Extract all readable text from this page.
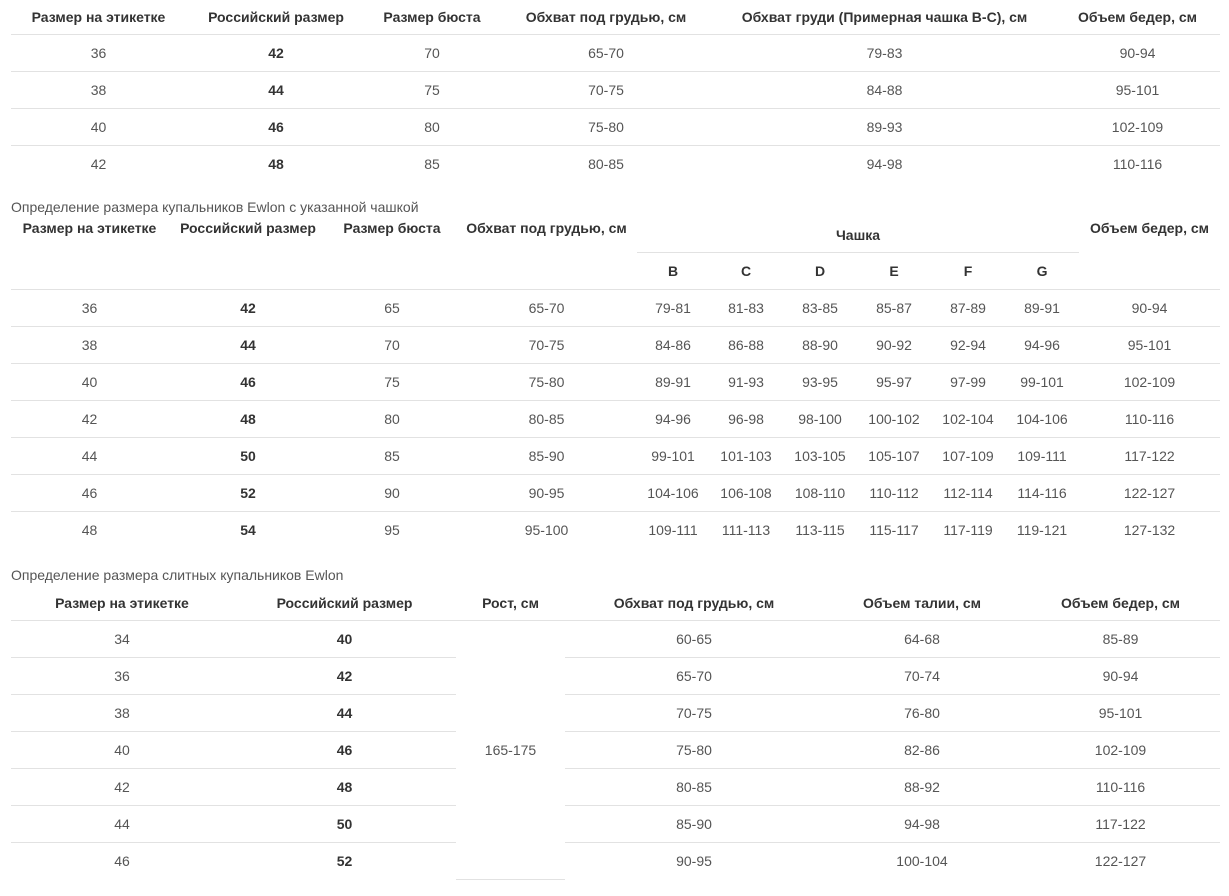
Размер на этикетке	Российский размер	Размер бюста	Обхват под грудью, см	Обхват груди (Примерная чашка B-C), см	Объем бедер, см
36	42	70	65-70	79-83	90-94
38	44	75	70-75	84-88	95-101
40	46	80	75-80	89-93	102-109
42	48	85	80-85	94-98	110-116
Определение размера купальников Ewlon с указанной чашкой
Размер на этикетке	Российский размер	Размер бюста	Обхват под грудью, см	Чашка						Объем бедер, см
				B	C	D	E	F	G	
36	42	65	65-70	79-81	81-83	83-85	85-87	87-89	89-91	90-94
38	44	70	70-75	84-86	86-88	88-90	90-92	92-94	94-96	95-101
40	46	75	75-80	89-91	91-93	93-95	95-97	97-99	99-101	102-109
42	48	80	80-85	94-96	96-98	98-100	100-102	102-104	104-106	110-116
44	50	85	85-90	99-101	101-103	103-105	105-107	107-109	109-111	117-122
46	52	90	90-95	104-106	106-108	108-110	110-112	112-114	114-116	122-127
48	54	95	95-100	109-111	111-113	113-115	115-117	117-119	119-121	127-132
Определение размера слитных купальников Ewlon
Размер на этикетке	Российский размер	Рост, см	Обхват под грудью, см	Объем талии, см	Объем бедер, см
34	40	165-175	60-65	64-68	85-89
36	42		65-70	70-74	90-94
38	44		70-75	76-80	95-101
40	46		75-80	82-86	102-109
42	48		80-85	88-92	110-116
44	50		85-90	94-98	117-122
46	52		90-95	100-104	122-127
